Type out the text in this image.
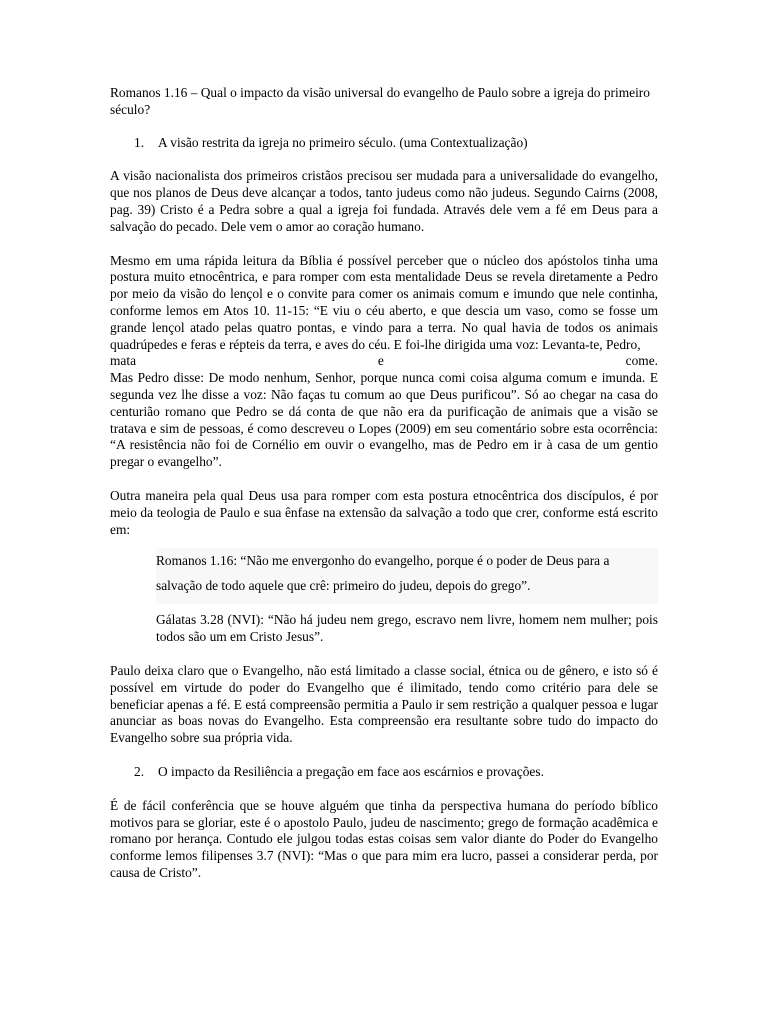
Romanos 1.16 – Qual o impacto da visão universal do evangelho de Paulo sobre a igreja do primeiro século?

1.	A visão restrita da igreja no primeiro século. (uma Contextualização)

A visão nacionalista dos primeiros cristãos precisou ser mudada para a universalidade do evangelho, que nos planos de Deus deve alcançar a todos, tanto judeus como não judeus. Segundo Cairns (2008, pag. 39) Cristo é a Pedra sobre a qual a igreja foi fundada. Através dele vem a fé em Deus para a salvação do pecado. Dele vem o amor ao coração humano.

Mesmo em uma rápida leitura da Bíblia é possível perceber que o núcleo dos apóstolos tinha uma postura muito etnocêntrica, e para romper com esta mentalidade Deus se revela diretamente a Pedro por meio da visão do lençol e o convite para comer os animais comum e imundo que nele continha, conforme lemos em Atos 10. 11-15: “E viu o céu aberto, e que descia um vaso, como se fosse um grande lençol atado pelas quatro pontas, e vindo para a terra. No qual havia de todos os animais quadrúpedes e feras e répteis da terra, e aves do céu. E foi-lhe dirigida uma voz: Levanta-te, Pedro,

mata e come.

Mas Pedro disse: De modo nenhum, Senhor, porque nunca comi coisa alguma comum e imunda. E segunda vez lhe disse a voz: Não faças tu comum ao que Deus purificou”. Só ao chegar na casa do centurião romano que Pedro se dá conta de que não era da purificação de animais que a visão se tratava e sim de pessoas, é como descreveu o Lopes (2009) em seu comentário sobre esta ocorrência: “A resistência não foi de Cornélio em ouvir o evangelho, mas de Pedro em ir à casa de um gentio pregar o evangelho”.

Outra maneira pela qual Deus usa para romper com esta postura etnocêntrica dos discípulos, é por meio da teologia de Paulo e sua ênfase na extensão da salvação a todo que crer, conforme está escrito em:

Romanos 1.16: “Não me envergonho do evangelho, porque é o poder de Deus para a salvação de todo aquele que crê: primeiro do judeu, depois do grego”.

Gálatas 3.28 (NVI): “Não há judeu nem grego, escravo nem livre, homem nem mulher; pois todos são um em Cristo Jesus”.

Paulo deixa claro que o Evangelho, não está limitado a classe social, étnica ou de gênero, e isto só é possível em virtude do poder do Evangelho que é ilimitado, tendo como critério para dele se beneficiar apenas a fé. E está compreensão permitia a Paulo ir sem restrição a qualquer pessoa e lugar anunciar as boas novas do Evangelho. Esta compreensão era resultante sobre tudo do impacto do Evangelho sobre sua própria vida.

2.	O impacto da Resiliência a pregação em face aos escárnios e provações.

É de fácil conferência que se houve alguém que tinha da perspectiva humana do período bíblico motivos para se gloriar, este é o apostolo Paulo, judeu de nascimento; grego de formação acadêmica e romano por herança. Contudo ele julgou todas estas coisas sem valor diante do Poder do Evangelho conforme lemos filipenses 3.7 (NVI): “Mas o que para mim era lucro, passei a considerar perda, por causa de Cristo”.
